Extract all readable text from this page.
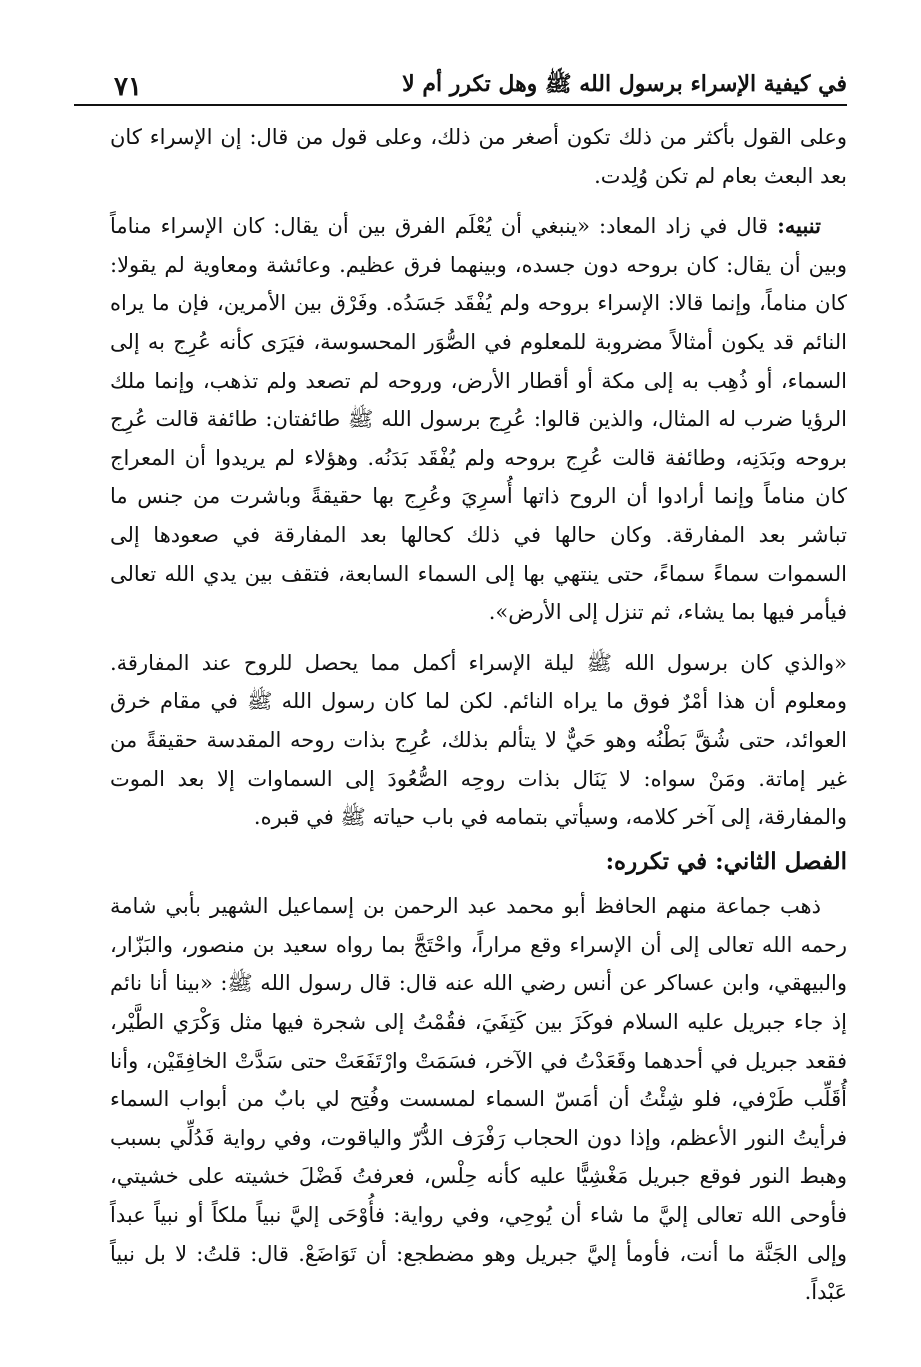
في كيفية الإسراء برسول الله ﷺ وهل تكرر أم لا
٧١

وعلى القول بأكثر من ذلك تكون أصغر من ذلك، وعلى قول من قال: إن الإسراء كان بعد البعث بعام لم تكن وُلِدت.

تنبيه: قال في زاد المعاد: «ينبغي أن يُعْلَم الفرق بين أن يقال: كان الإسراء مناماً وبين أن يقال: كان بروحه دون جسده، وبينهما فرق عظيم. وعائشة ومعاوية لم يقولا: كان مناماً، وإنما قالا: الإسراء بروحه ولم يُفْقَد جَسَدُه. وفَرْق بين الأمرين، فإن ما يراه النائم قد يكون أمثالاً مضروبة للمعلوم في الصُّوَر المحسوسة، فيَرَى كأنه عُرِج به إلى السماء، أو ذُهِب به إلى مكة أو أقطار الأرض، وروحه لم تصعد ولم تذهب، وإنما ملك الرؤيا ضرب له المثال، والذين قالوا: عُرِج برسول الله ﷺ طائفتان: طائفة قالت عُرِج بروحه وبَدَنِه، وطائفة قالت عُرِج بروحه ولم يُفْقَد بَدَنُه. وهؤلاء لم يريدوا أن المعراج كان مناماً وإنما أرادوا أن الروح ذاتها أُسرِيَ وعُرِج بها حقيقةً وباشرت من جنس ما تباشر بعد المفارقة. وكان حالها في ذلك كحالها بعد المفارقة في صعودها إلى السموات سماءً سماءً، حتى ينتهي بها إلى السماء السابعة، فتقف بين يدي الله تعالى فيأمر فيها بما يشاء، ثم تنزل إلى الأرض».

«والذي كان برسول الله ﷺ ليلة الإسراء أكمل مما يحصل للروح عند المفارقة. ومعلوم أن هذا أمْرٌ فوق ما يراه النائم. لكن لما كان رسول الله ﷺ في مقام خرق العوائد، حتى شُقَّ بَطْنُه وهو حَيٌّ لا يتألم بذلك، عُرِج بذات روحه المقدسة حقيقةً من غير إماتة. ومَنْ سواه: لا يَنَال بذات روحِه الصُّعُودَ إلى السماوات إلا بعد الموت والمفارقة، إلى آخر كلامه، وسيأتي بتمامه في باب حياته ﷺ في قبره.

الفصل الثاني: في تكرره:

ذهب جماعة منهم الحافظ أبو محمد عبد الرحمن بن إسماعيل الشهير بأبي شامة رحمه الله تعالى إلى أن الإسراء وقع مراراً، واحْتَجَّ بما رواه سعيد بن منصور، والبَزّار، والبيهقي، وابن عساكر عن أنس رضي الله عنه قال: قال رسول الله ﷺ: «بينا أنا نائم إذ جاء جبريل عليه السلام فوكَزَ بين كَتِفَيَ، فقُمْتُ إلى شجرة فيها مثل وَكْرَي الطَّيْر، فقعد جبريل في أحدهما وقَعَدْتُ في الآخر، فسَمَتْ وارْتَفَعَتْ حتى سَدَّتْ الخافِقَيْن، وأنا أُقَلِّب طَرْفي، فلو شِئْتُ أن أمَسّ السماء لمسست وفُتِح لي بابٌ من أبواب السماء فرأيتُ النور الأعظم، وإذا دون الحجاب رَفْرَف الدُّرّ والياقوت، وفي رواية فَدُلِّي بسبب وهبط النور فوقع جبريل مَغْشِيًّا عليه كأنه حِلْس، فعرفتُ فَضْلَ خشيته على خشيتي، فأوحى الله تعالى إليَّ ما شاء أن يُوحِي، وفي رواية: فأُوْحَى إليَّ نبياً ملكاً أو نبياً عبداً وإلى الجَنَّة ما أنت، فأومأ إليَّ جبريل وهو مضطجع: أن تَوَاضَعْ. قال: قلتُ: لا بل نبياً عَبْداً.
